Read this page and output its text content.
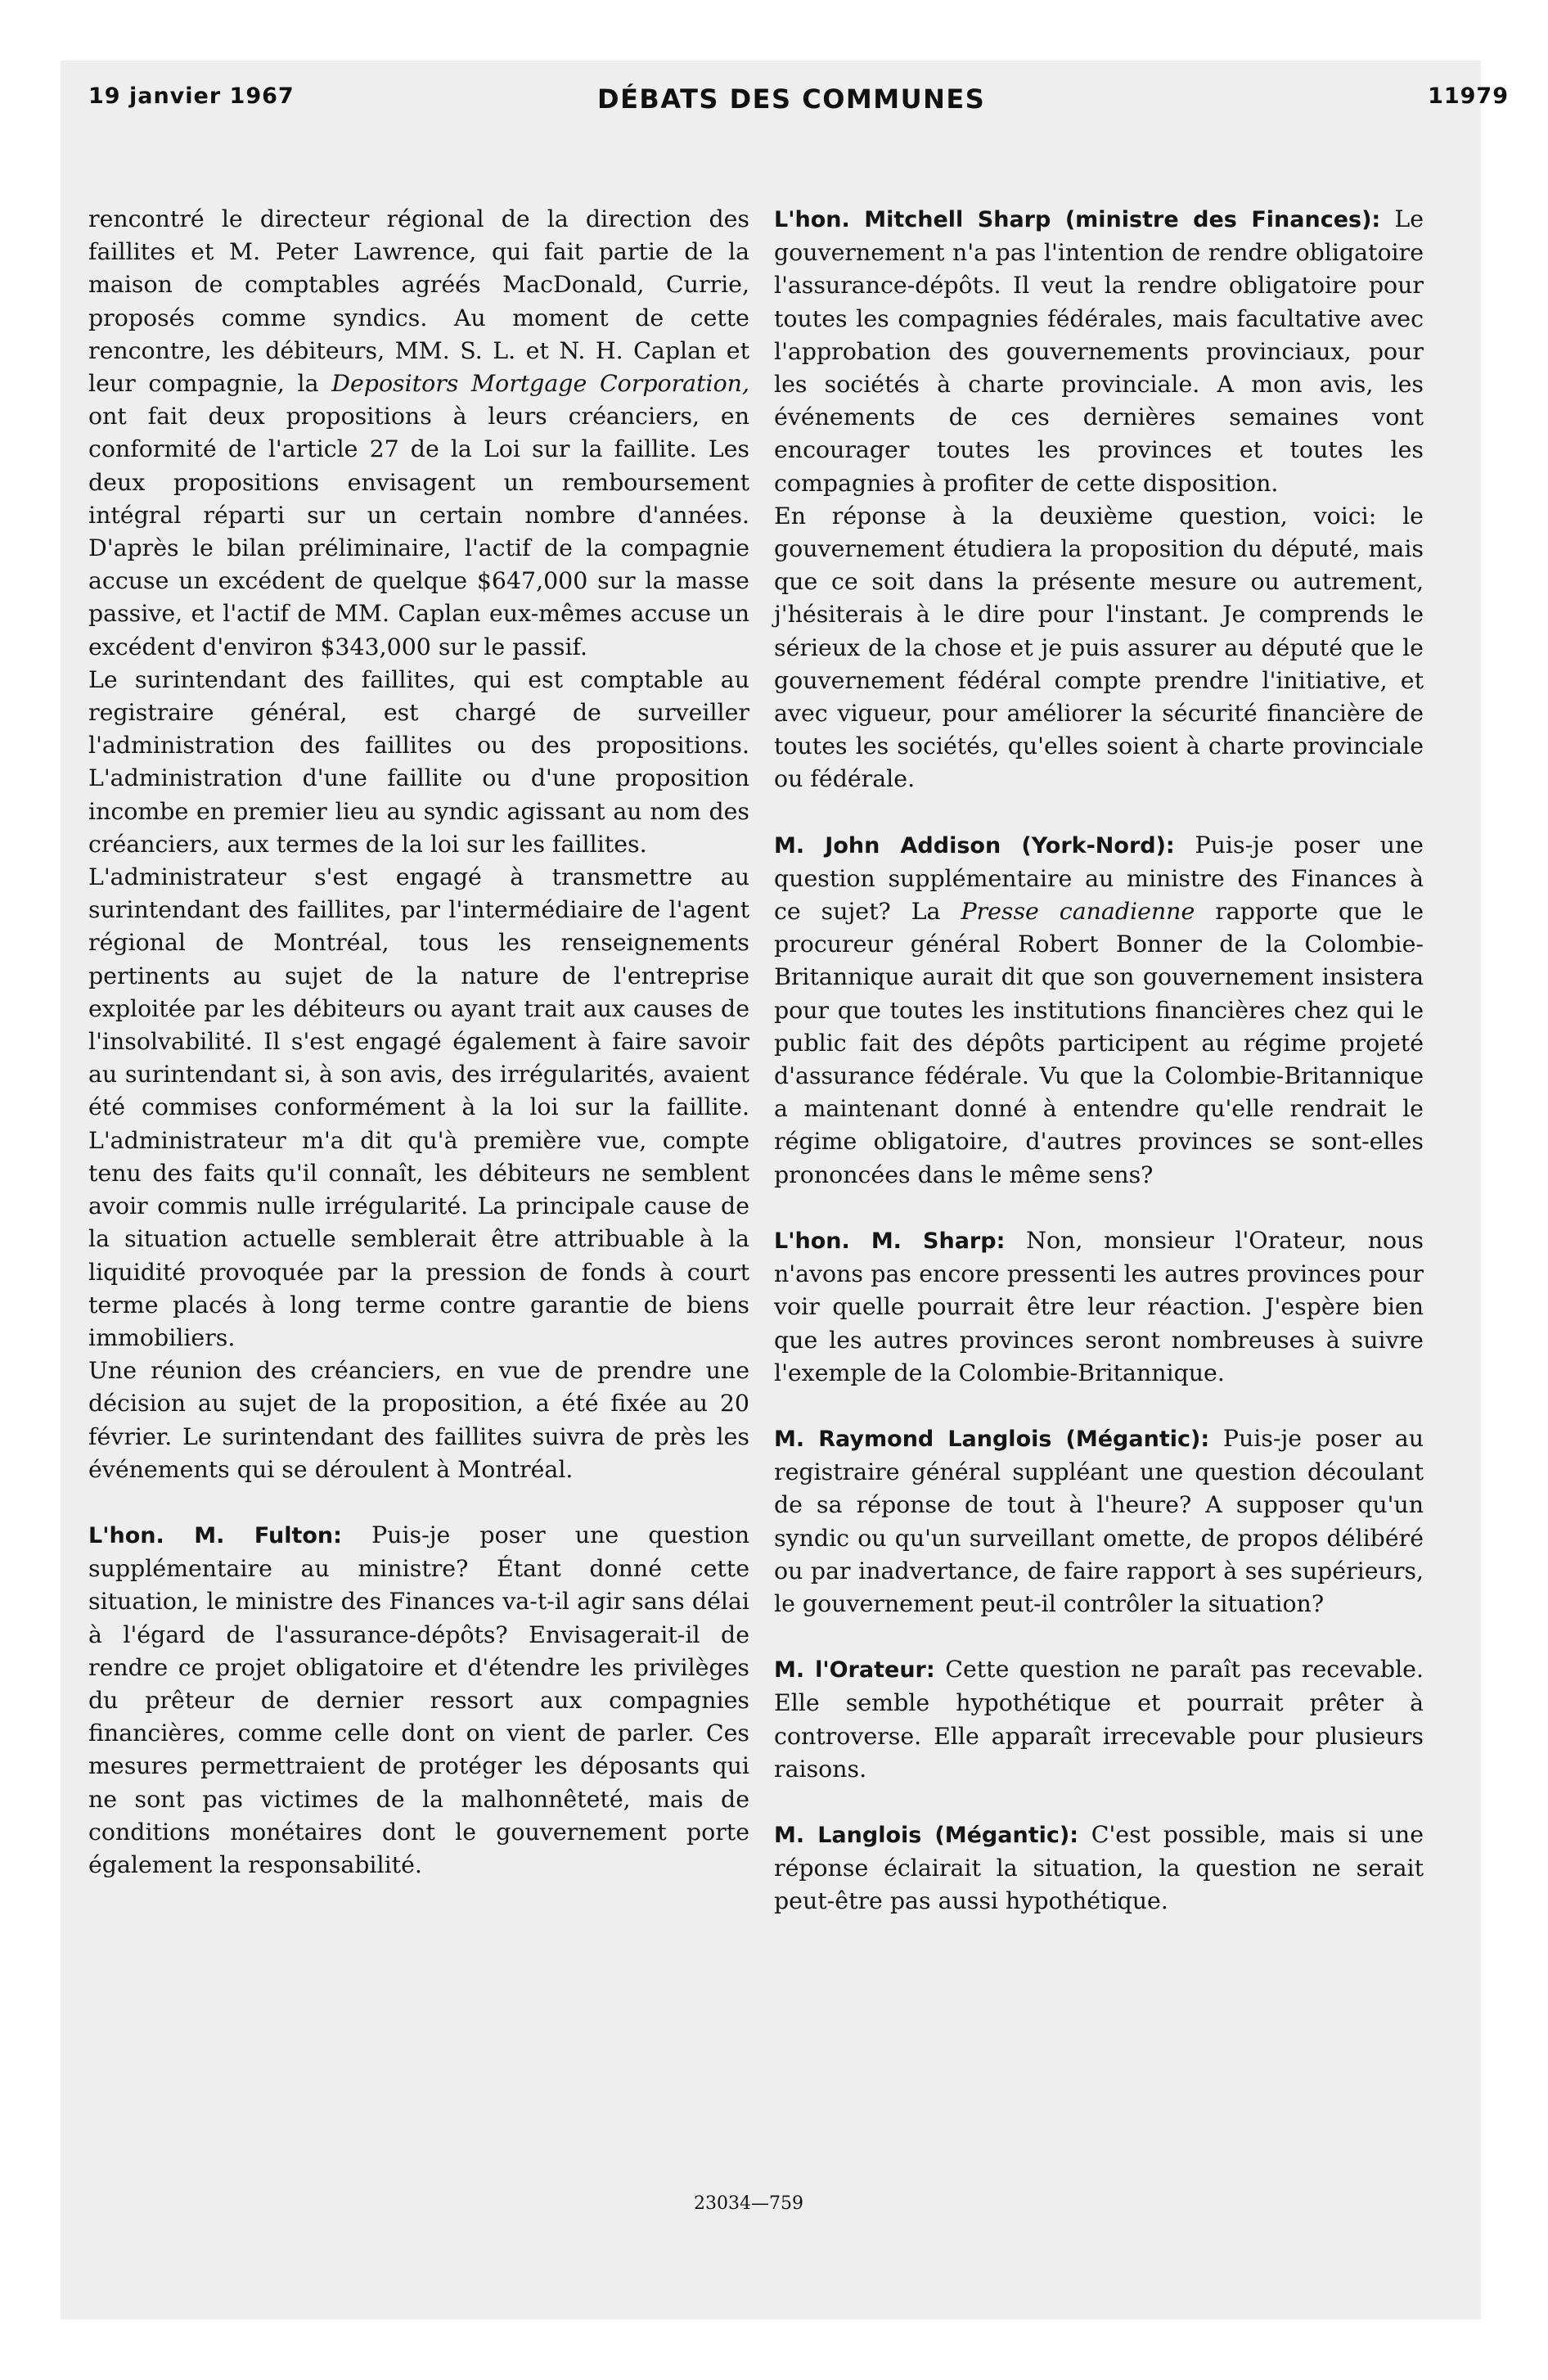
19 janvier 1967	DÉBATS DES COMMUNES	11979

rencontré le directeur régional de la direction des faillites et M. Peter Lawrence, qui fait partie de la maison de comptables agréés MacDonald, Currie, proposés comme syndics. Au moment de cette rencontre, les débiteurs, MM. S. L. et N. H. Caplan et leur compagnie, la Depositors Mortgage Corporation, ont fait deux propositions à leurs créanciers, en conformité de l'article 27 de la Loi sur la faillite. Les deux propositions envisagent un remboursement intégral réparti sur un certain nombre d'années. D'après le bilan préliminaire, l'actif de la compagnie accuse un excédent de quelque $647,000 sur la masse passive, et l'actif de MM. Caplan eux-mêmes accuse un excédent d'environ $343,000 sur le passif.

Le surintendant des faillites, qui est comptable au registraire général, est chargé de surveiller l'administration des faillites ou des propositions. L'administration d'une faillite ou d'une proposition incombe en premier lieu au syndic agissant au nom des créanciers, aux termes de la loi sur les faillites.

L'administrateur s'est engagé à transmettre au surintendant des faillites, par l'intermédiaire de l'agent régional de Montréal, tous les renseignements pertinents au sujet de la nature de l'entreprise exploitée par les débiteurs ou ayant trait aux causes de l'insolvabilité. Il s'est engagé également à faire savoir au surintendant si, à son avis, des irrégularités, avaient été commises conformément à la loi sur la faillite. L'administrateur m'a dit qu'à première vue, compte tenu des faits qu'il connaît, les débiteurs ne semblent avoir commis nulle irrégularité. La principale cause de la situation actuelle semblerait être attribuable à la liquidité provoquée par la pression de fonds à court terme placés à long terme contre garantie de biens immobiliers.

Une réunion des créanciers, en vue de prendre une décision au sujet de la proposition, a été fixée au 20 février. Le surintendant des faillites suivra de près les événements qui se déroulent à Montréal.

L'hon. M. Fulton: Puis-je poser une question supplémentaire au ministre? Étant donné cette situation, le ministre des Finances va-t-il agir sans délai à l'égard de l'assurance-dépôts? Envisagerait-il de rendre ce projet obligatoire et d'étendre les privilèges du prêteur de dernier ressort aux compagnies financières, comme celle dont on vient de parler. Ces mesures permettraient de protéger les déposants qui ne sont pas victimes de la malhonnêteté, mais de conditions monétaires dont le gouvernement porte également la responsabilité.

L'hon. Mitchell Sharp (ministre des Finances): Le gouvernement n'a pas l'intention de rendre obligatoire l'assurance-dépôts. Il veut la rendre obligatoire pour toutes les compagnies fédérales, mais facultative avec l'approbation des gouvernements provinciaux, pour les sociétés à charte provinciale. A mon avis, les événements de ces dernières semaines vont encourager toutes les provinces et toutes les compagnies à profiter de cette disposition.

En réponse à la deuxième question, voici: le gouvernement étudiera la proposition du député, mais que ce soit dans la présente mesure ou autrement, j'hésiterais à le dire pour l'instant. Je comprends le sérieux de la chose et je puis assurer au député que le gouvernement fédéral compte prendre l'initiative, et avec vigueur, pour améliorer la sécurité financière de toutes les sociétés, qu'elles soient à charte provinciale ou fédérale.

M. John Addison (York-Nord): Puis-je poser une question supplémentaire au ministre des Finances à ce sujet? La Presse canadienne rapporte que le procureur général Robert Bonner de la Colombie-Britannique aurait dit que son gouvernement insistera pour que toutes les institutions financières chez qui le public fait des dépôts participent au régime projeté d'assurance fédérale. Vu que la Colombie-Britannique a maintenant donné à entendre qu'elle rendrait le régime obligatoire, d'autres provinces se sont-elles prononcées dans le même sens?

L'hon. M. Sharp: Non, monsieur l'Orateur, nous n'avons pas encore pressenti les autres provinces pour voir quelle pourrait être leur réaction. J'espère bien que les autres provinces seront nombreuses à suivre l'exemple de la Colombie-Britannique.

M. Raymond Langlois (Mégantic): Puis-je poser au registraire général suppléant une question découlant de sa réponse de tout à l'heure? A supposer qu'un syndic ou qu'un surveillant omette, de propos délibéré ou par inadvertance, de faire rapport à ses supérieurs, le gouvernement peut-il contrôler la situation?

M. l'Orateur: Cette question ne paraît pas recevable. Elle semble hypothétique et pourrait prêter à controverse. Elle apparaît irrecevable pour plusieurs raisons.

M. Langlois (Mégantic): C'est possible, mais si une réponse éclairait la situation, la question ne serait peut-être pas aussi hypothétique.

23034—759
